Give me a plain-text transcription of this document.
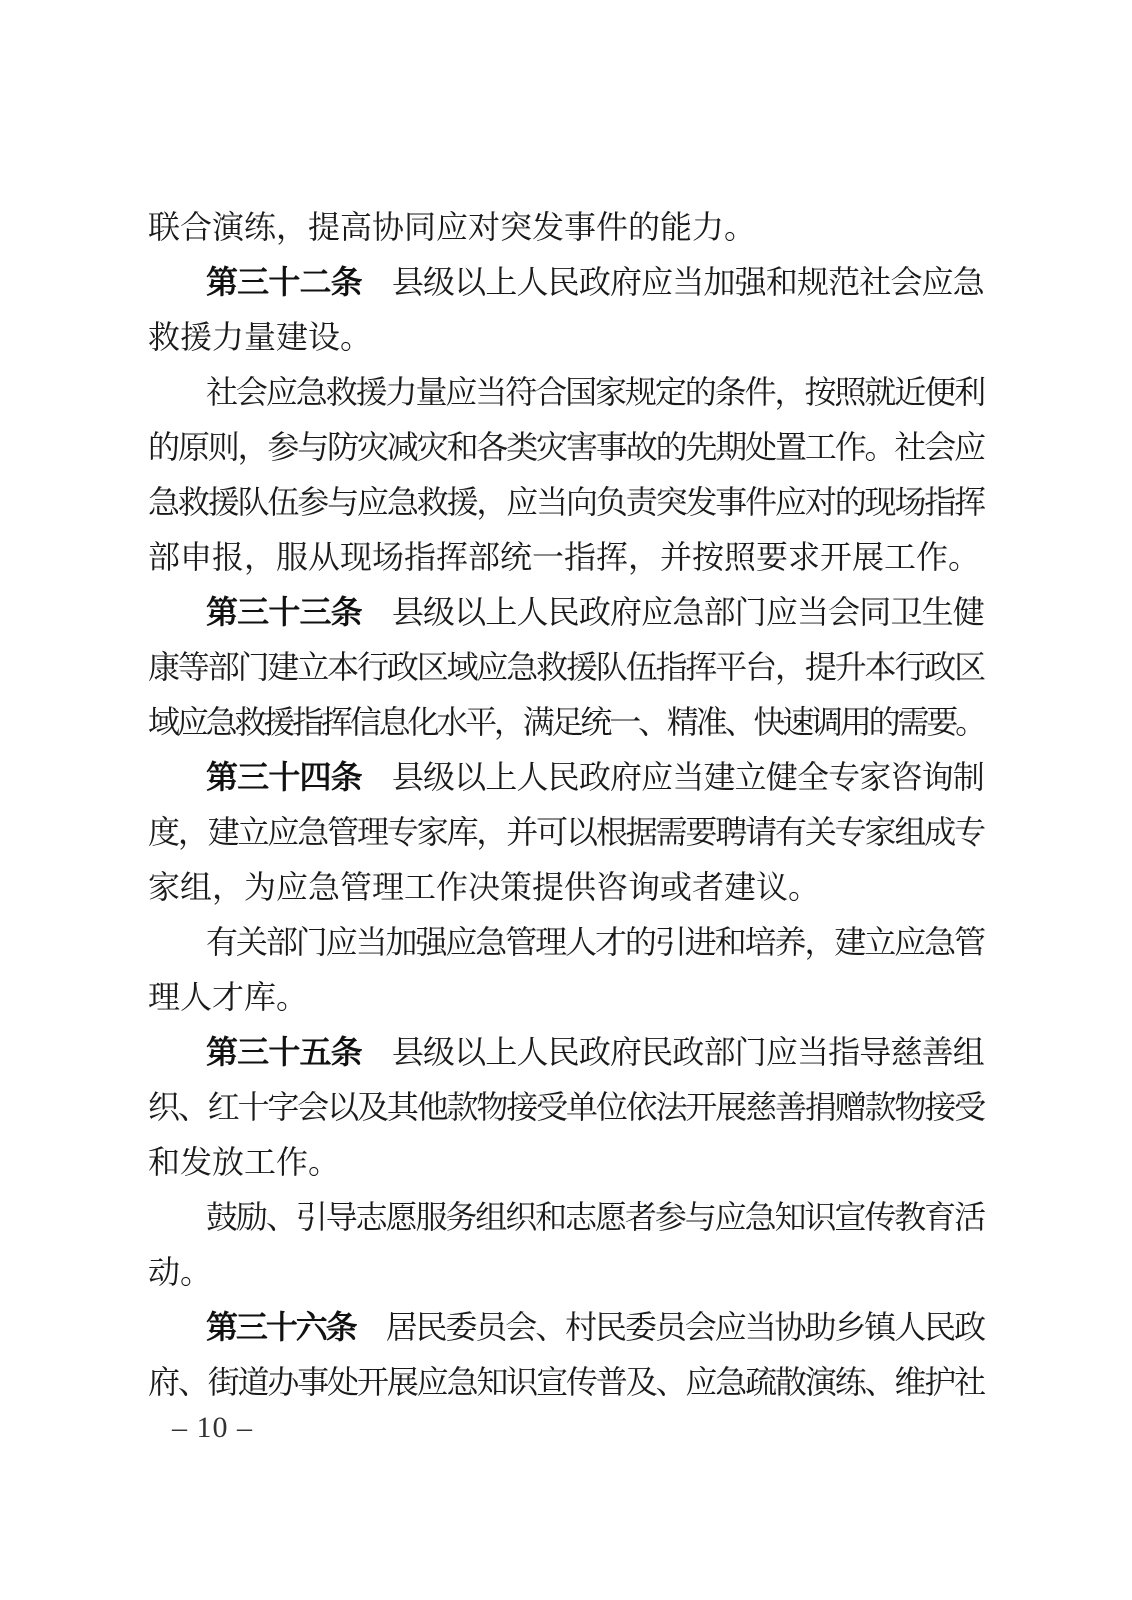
联合演练，提高协同应对突发事件的能力。
第三十二条 县级以上人民政府应当加强和规范社会应急
救援力量建设。
社会应急救援力量应当符合国家规定的条件，按照就近便利
的原则，参与防灾减灾和各类灾害事故的先期处置工作。社会应
急救援队伍参与应急救援，应当向负责突发事件应对的现场指挥
部申报，服从现场指挥部统一指挥，并按照要求开展工作。
第三十三条 县级以上人民政府应急部门应当会同卫生健
康等部门建立本行政区域应急救援队伍指挥平台，提升本行政区
域应急救援指挥信息化水平，满足统一、精准、快速调用的需要。
第三十四条 县级以上人民政府应当建立健全专家咨询制
度，建立应急管理专家库，并可以根据需要聘请有关专家组成专
家组，为应急管理工作决策提供咨询或者建议。
有关部门应当加强应急管理人才的引进和培养，建立应急管
理人才库。
第三十五条 县级以上人民政府民政部门应当指导慈善组
织、红十字会以及其他款物接受单位依法开展慈善捐赠款物接受
和发放工作。
鼓励、引导志愿服务组织和志愿者参与应急知识宣传教育活
动。
第三十六条 居民委员会、村民委员会应当协助乡镇人民政
府、街道办事处开展应急知识宣传普及、应急疏散演练、维护社
– 10 –
